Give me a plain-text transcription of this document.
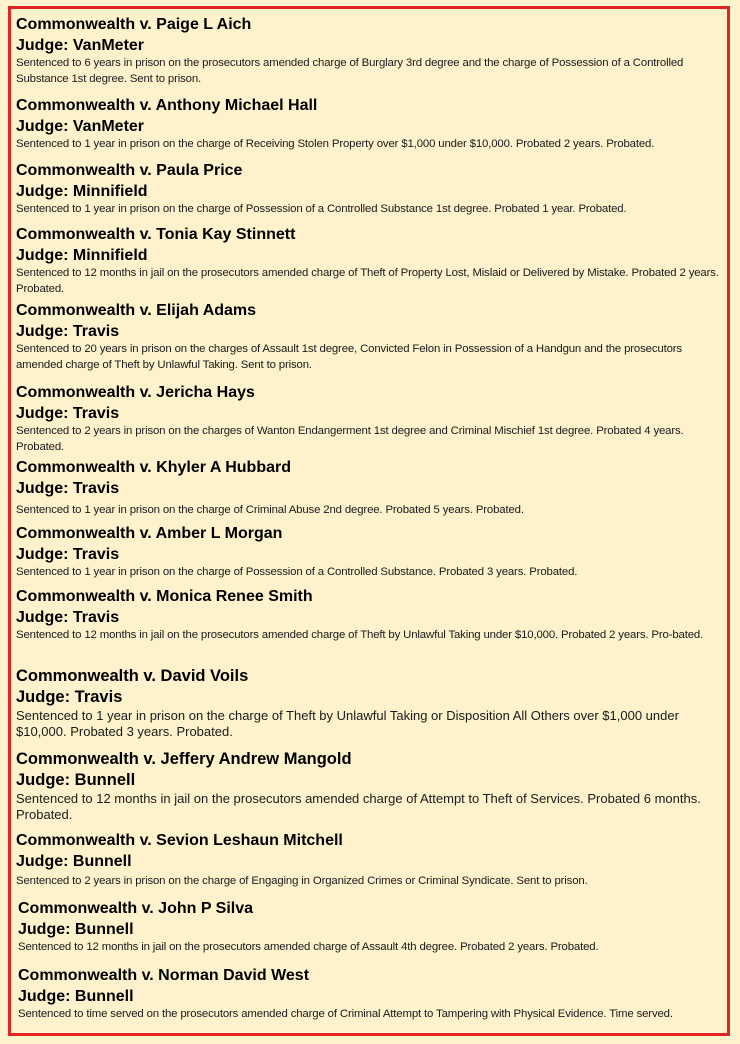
Commonwealth v. Paige L Aich
Judge: VanMeter
Sentenced to 6 years in prison on the prosecutors amended charge of Burglary 3rd degree and the charge of Possession of a Controlled Substance 1st degree. Sent to prison.
Commonwealth v. Anthony Michael Hall
Judge: VanMeter
Sentenced to 1 year in prison on the charge of Receiving Stolen Property over $1,000 under $10,000. Probated 2 years. Probated.
Commonwealth v. Paula Price
Judge: Minnifield
Sentenced to 1 year in prison on the charge of Possession of a Controlled Substance 1st degree. Probated 1 year. Probated.
Commonwealth v. Tonia Kay Stinnett
Judge: Minnifield
Sentenced to 12 months in jail on the prosecutors amended charge of Theft of Property Lost, Mislaid or Delivered by Mistake. Probated 2 years. Probated.
Commonwealth v. Elijah Adams
Judge: Travis
Sentenced to 20 years in prison on the charges of Assault 1st degree, Convicted Felon in Possession of a Handgun and the prosecutors amended charge of Theft by Unlawful Taking. Sent to prison.
Commonwealth v. Jericha Hays
Judge: Travis
Sentenced to 2 years in prison on the charges of Wanton Endangerment 1st degree and Criminal Mischief 1st degree. Probated 4 years. Probated.
Commonwealth v. Khyler A Hubbard
Judge: Travis
Sentenced to 1 year in prison on the charge of Criminal Abuse 2nd degree. Probated 5 years. Probated.
Commonwealth v. Amber L Morgan
Judge: Travis
Sentenced to 1 year in prison on the charge of Possession of a Controlled Substance. Probated 3 years. Probated.
Commonwealth v. Monica Renee Smith
Judge: Travis
Sentenced to 12 months in jail on the prosecutors amended charge of Theft by Unlawful Taking under $10,000. Probated 2 years. Pro-bated.
Commonwealth v. David Voils
Judge: Travis
Sentenced to 1 year in prison on the charge of Theft by Unlawful Taking or Disposition All Others over $1,000 under $10,000. Probated 3 years. Probated.
Commonwealth v. Jeffery Andrew Mangold
Judge: Bunnell
Sentenced to 12 months in jail on the prosecutors amended charge of Attempt to Theft of Services. Probated 6 months. Probated.
Commonwealth v. Sevion Leshaun Mitchell
Judge: Bunnell
Sentenced to 2 years in prison on the charge of Engaging in Organized Crimes or Criminal Syndicate. Sent to prison.
Commonwealth v. John P Silva
Judge: Bunnell
Sentenced to 12 months in jail on the prosecutors amended charge of Assault 4th degree. Probated 2 years. Probated.
Commonwealth v. Norman David West
Judge: Bunnell
Sentenced to time served on the prosecutors amended charge of Criminal Attempt to Tampering with Physical Evidence. Time served.
